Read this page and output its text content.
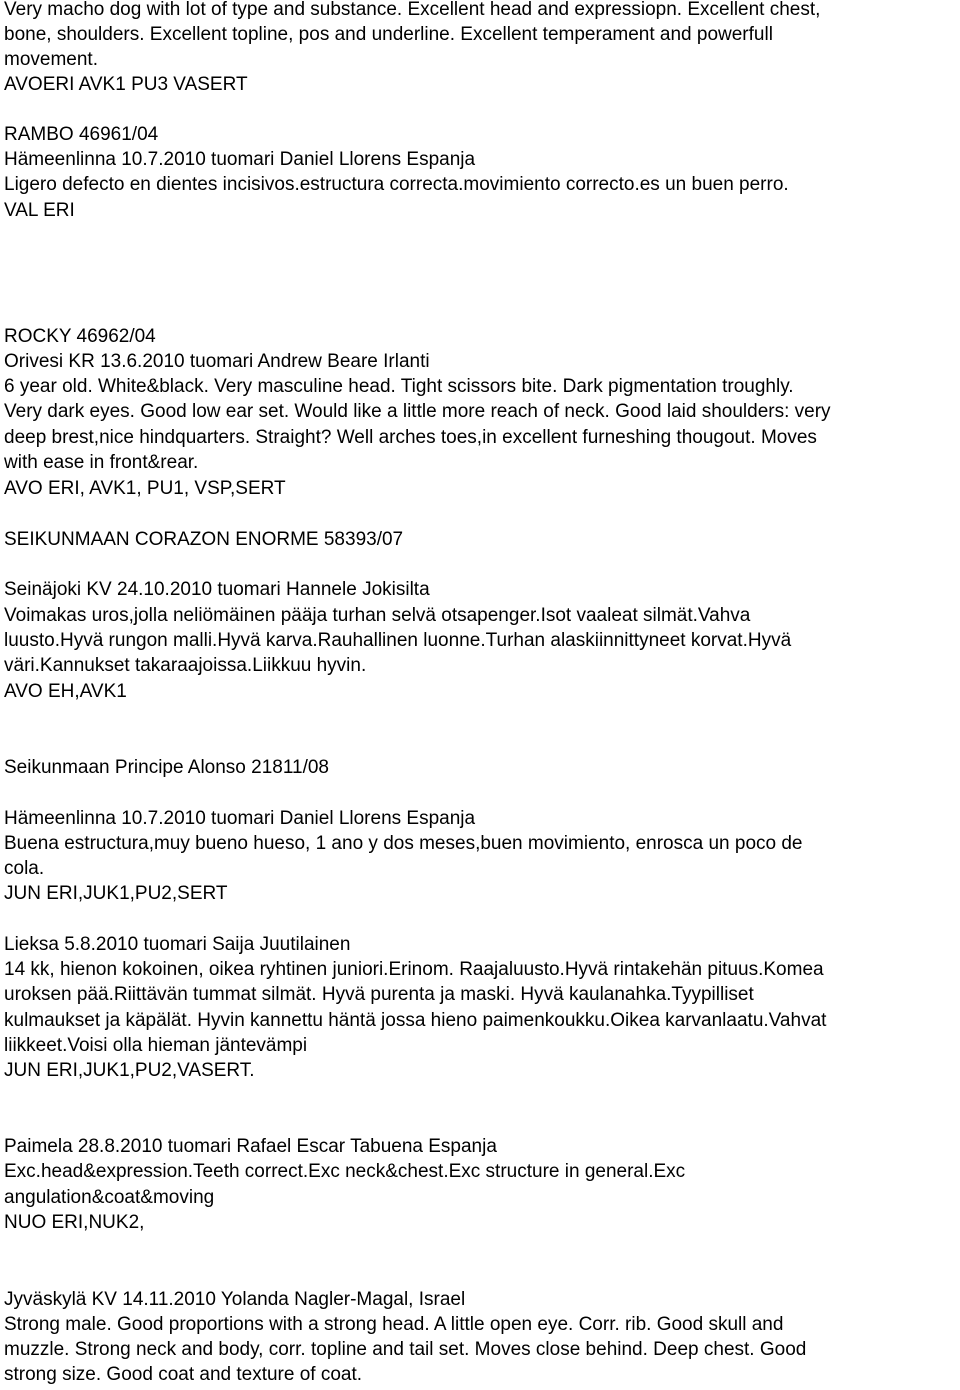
Very macho dog with lot of type and substance. Excellent head and expressiopn. Excellent chest,
bone, shoulders. Excellent topline, pos and underline. Excellent temperament and powerfull
movement.
AVOERI AVK1 PU3 VASERT
RAMBO 46961/04
Hämeenlinna 10.7.2010 tuomari Daniel Llorens Espanja
Ligero defecto en dientes incisivos.estructura correcta.movimiento correcto.es un buen perro.
VAL ERI
ROCKY 46962/04
Orivesi KR 13.6.2010 tuomari Andrew Beare Irlanti
6 year old. White&black. Very masculine head. Tight scissors bite. Dark pigmentation troughly.
Very dark eyes. Good low ear set. Would like a little more reach of neck. Good laid shoulders: very
deep brest,nice hindquarters. Straight? Well arches toes,in excellent furneshing thougout. Moves
with ease in front&rear.
AVO ERI, AVK1, PU1, VSP,SERT
SEIKUNMAAN CORAZON ENORME 58393/07
Seinäjoki KV 24.10.2010 tuomari Hannele Jokisilta
Voimakas uros,jolla neliömäinen pääja turhan selvä otsapenger.Isot vaaleat silmät.Vahva
luusto.Hyvä rungon malli.Hyvä karva.Rauhallinen luonne.Turhan alaskiinnittyneet korvat.Hyvä
väri.Kannukset takaraajoissa.Liikkuu hyvin.
AVO EH,AVK1
Seikunmaan Principe Alonso 21811/08
Hämeenlinna 10.7.2010 tuomari Daniel Llorens Espanja
Buena estructura,muy bueno hueso, 1 ano y dos meses,buen movimiento, enrosca un poco de
cola.
JUN ERI,JUK1,PU2,SERT
Lieksa 5.8.2010 tuomari Saija Juutilainen
14 kk, hienon kokoinen, oikea ryhtinen juniori.Erinom. Raajaluusto.Hyvä rintakehän pituus.Komea
uroksen pää.Riittävän tummat silmät. Hyvä purenta ja maski. Hyvä kaulanahka.Tyypilliset
kulmaukset ja käpälät. Hyvin kannettu häntä jossa hieno paimenkoukku.Oikea karvanlaatu.Vahvat
liikkeet.Voisi olla hieman jäntevämpi
JUN ERI,JUK1,PU2,VASERT.
Paimela 28.8.2010 tuomari Rafael Escar Tabuena Espanja
Exc.head&expression.Teeth correct.Exc neck&chest.Exc structure in general.Exc
angulation&coat&moving
NUO ERI,NUK2,
Jyväskylä KV 14.11.2010 Yolanda Nagler-Magal, Israel
Strong male. Good proportions with a strong head. A little open eye. Corr. rib. Good skull and
muzzle. Strong neck and body, corr. topline and tail set. Moves close behind. Deep chest. Good
strong size. Good coat and texture of coat.
